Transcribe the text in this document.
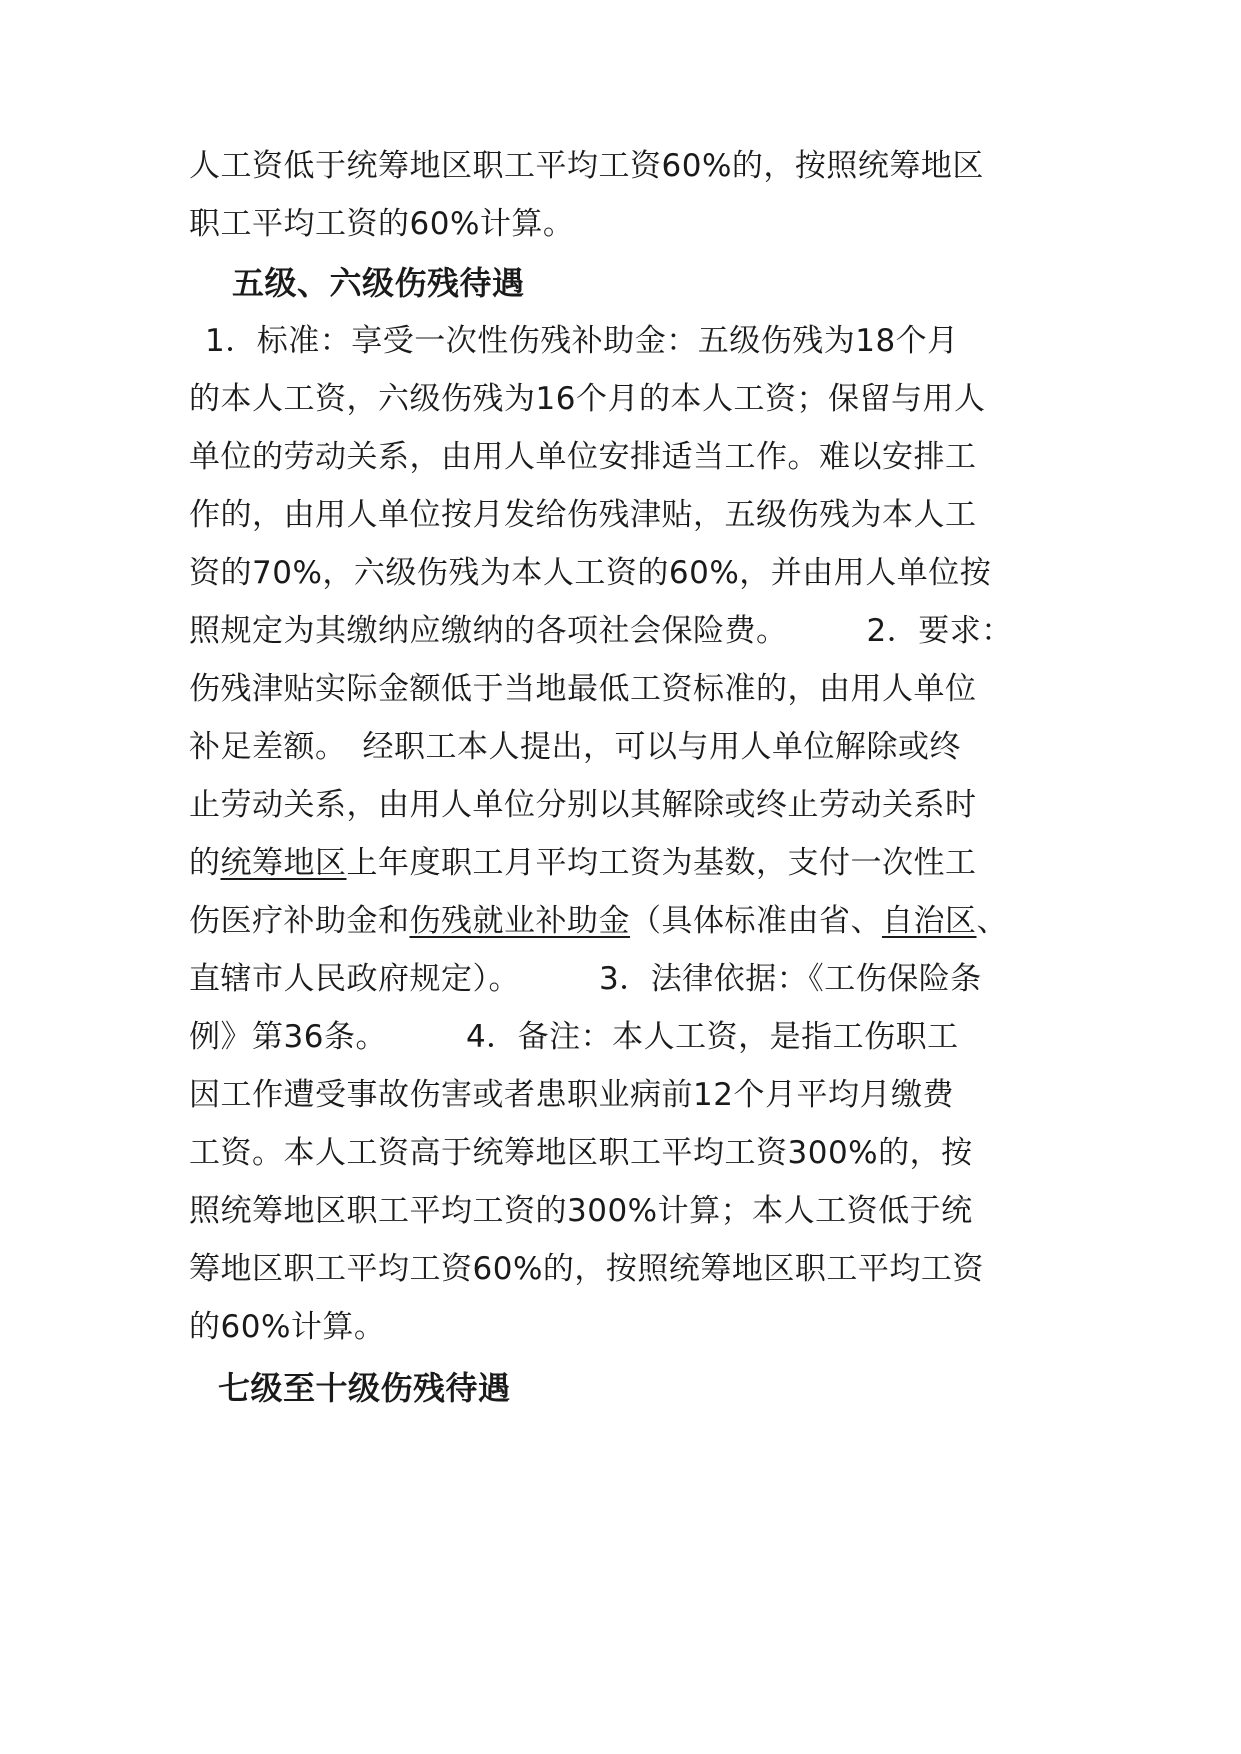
人工资低于统筹地区职工平均工资60%的，按照统筹地区
职工平均工资的60%计算。
五级、六级伤残待遇
1．标准：享受一次性伤残补助金：五级伤残为18个月
的本人工资，六级伤残为16个月的本人工资；保留与用人
单位的劳动关系，由用人单位安排适当工作。难以安排工
作的，由用人单位按月发给伤残津贴，五级伤残为本人工
资的70%，六级伤残为本人工资的60%，并由用人单位按
照规定为其缴纳应缴纳的各项社会保险费。　　　2．要求：
伤残津贴实际金额低于当地最低工资标准的，由用人单位
补足差额。　经职工本人提出，可以与用人单位解除或终
止劳动关系，由用人单位分别以其解除或终止劳动关系时
的统筹地区上年度职工月平均工资为基数，支付一次性工
伤医疗补助金和伤残就业补助金（具体标准由省、自治区、
直辖市人民政府规定）。　　　3．法律依据：《工伤保险条
例》第36条。　　　4．备注：本人工资，是指工伤职工
因工作遭受事故伤害或者患职业病前12个月平均月缴费
工资。本人工资高于统筹地区职工平均工资300%的，按
照统筹地区职工平均工资的300%计算；本人工资低于统
筹地区职工平均工资60%的，按照统筹地区职工平均工资
的60%计算。
七级至十级伤残待遇
